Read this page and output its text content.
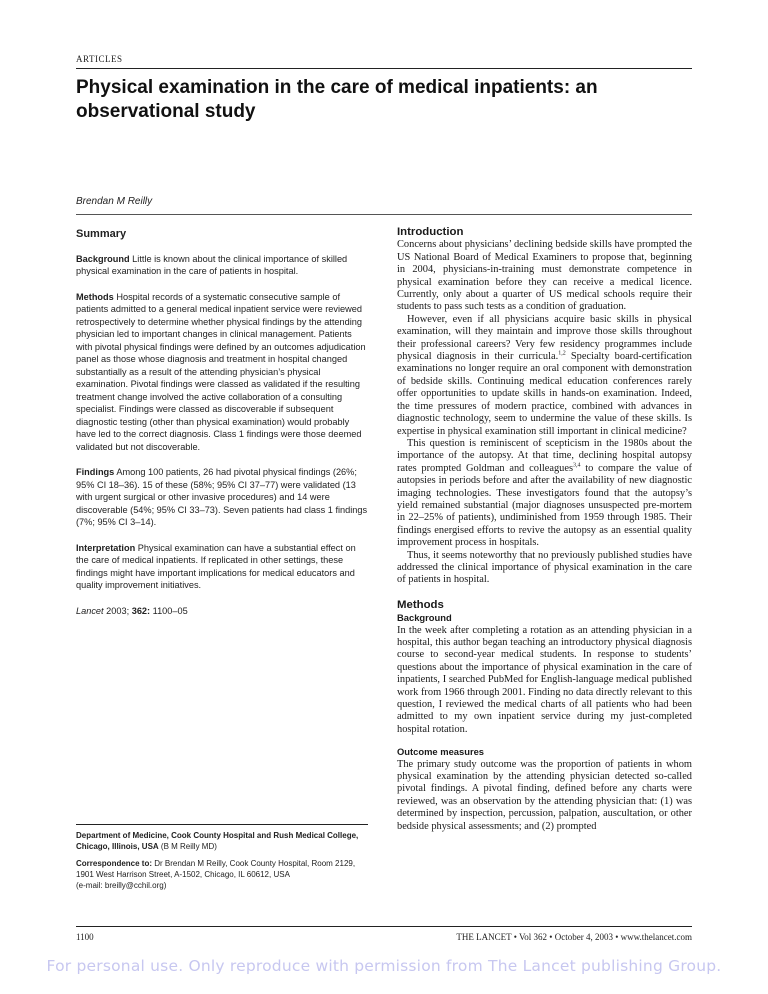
ARTICLES
Physical examination in the care of medical inpatients: an observational study
Brendan M Reilly
Summary

Background Little is known about the clinical importance of skilled physical examination in the care of patients in hospital.

Methods Hospital records of a systematic consecutive sample of patients admitted to a general medical inpatient service were reviewed retrospectively to determine whether physical findings by the attending physician led to important changes in clinical management. Patients with pivotal physical findings were defined by an outcomes adjudication panel as those whose diagnosis and treatment in hospital changed substantially as a result of the attending physician’s physical examination. Pivotal findings were classed as validated if the resulting treatment change involved the active collaboration of a consulting specialist. Findings were classed as discoverable if subsequent diagnostic testing (other than physical examination) would probably have led to the correct diagnosis. Class 1 findings were those deemed validated but not discoverable.

Findings Among 100 patients, 26 had pivotal physical findings (26%; 95% CI 18–36). 15 of these (58%; 95% CI 37–77) were validated (13 with urgent surgical or other invasive procedures) and 14 were discoverable (54%; 95% CI 33–73). Seven patients had class 1 findings (7%; 95% CI 3–14).

Interpretation Physical examination can have a substantial effect on the care of medical inpatients. If replicated in other settings, these findings might have important implications for medical educators and quality improvement initiatives.

Lancet 2003; 362: 1100–05

Department of Medicine, Cook County Hospital and Rush Medical College, Chicago, Illinois, USA (B M Reilly MD)

Correspondence to: Dr Brendan M Reilly, Cook County Hospital, Room 2129, 1901 West Harrison Street, A-1502, Chicago, IL 60612, USA
(e-mail: breilly@cchil.org)

Introduction

Concerns about physicians’ declining bedside skills have prompted the US National Board of Medical Examiners to propose that, beginning in 2004, physicians-in-training must demonstrate competence in physical examination before they can receive a medical licence. Currently, only about a quarter of US medical schools require their students to pass such tests as a condition of graduation.

However, even if all physicians acquire basic skills in physical examination, will they maintain and improve those skills throughout their professional careers? Very few residency programmes include physical diagnosis in their curricula.$^{1,2}$ Specialty board-certification examinations no longer require an oral component with demonstration of bedside skills. Continuing medical education conferences rarely offer opportunities to update skills in hands-on examination. Indeed, the time pressures of modern practice, combined with advances in diagnostic technology, seem to undermine the value of these skills. Is expertise in physical examination still important in clinical medicine?

This question is reminiscent of scepticism in the 1980s about the importance of the autopsy. At that time, declining hospital autopsy rates prompted Goldman and colleagues$^{3,4}$ to compare the value of autopsies in periods before and after the availability of new diagnostic imaging technologies. These investigators found that the autopsy’s yield remained substantial (major diagnoses unsuspected pre-mortem in 22–25% of patients), undiminished from 1959 through 1985. Their findings energised efforts to revive the autopsy as an essential quality improvement process in hospitals.

Thus, it seems noteworthy that no previously published studies have addressed the clinical importance of physical examination in the care of patients in hospital.

Methods
Background

In the week after completing a rotation as an attending physician in a hospital, this author began teaching an introductory physical diagnosis course to second-year medical students. In response to students’ questions about the importance of physical examination in the care of inpatients, I searched PubMed for English-language medical published work from 1966 through 2001. Finding no data directly relevant to this question, I reviewed the medical charts of all patients who had been admitted to my own inpatient service during my just-completed hospital rotation.

Outcome measures

The primary study outcome was the proportion of patients in whom physical examination by the attending physician detected so-called pivotal findings. A pivotal finding, defined before any charts were reviewed, was an observation by the attending physician that: (1) was determined by inspection, percussion, palpation, auscultation, or other bedside physical assessments; and (2) prompted

1100	THE LANCET • Vol 362 • October 4, 2003 • www.thelancet.com
For personal use. Only reproduce with permission from The Lancet publishing Group.
